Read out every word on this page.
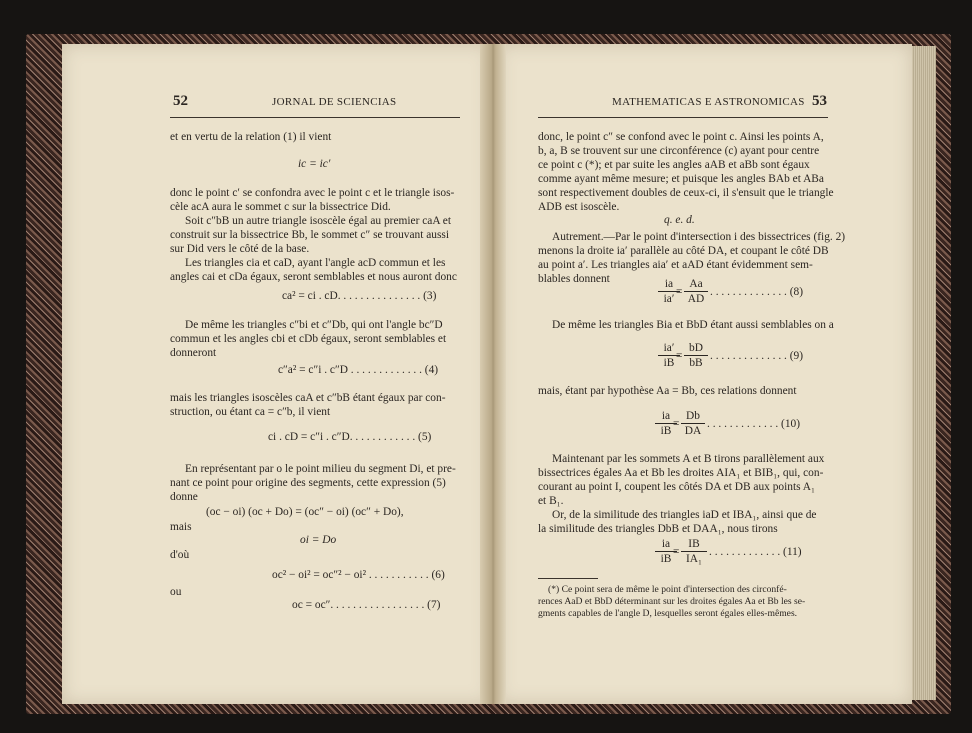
52	JORNAL DE SCIENCIAS
et en vertu de la relation (1) il vient
ic = ic′
donc le point c′ se confondra avec le point c et le triangle isos-
cèle acA aura le sommet c sur la bissectrice Did.
Soit c″bB un autre triangle isoscèle égal au premier caA et
construit sur la bissectrice Bb, le sommet c″ se trouvant aussi
sur Did vers le côté de la base.
Les triangles cia et caD, ayant l'angle acD commun et les
angles cai et cDa égaux, seront semblables et nous auront donc
ca² = ci . cD. . . . . . . . . . . . . . . (3)
De même les triangles c″bi et c″Db, qui ont l'angle bc″D
commun et les angles cbi et cDb égaux, seront semblables et
donneront
c″a² = c″i . c″D . . . . . . . . . . . . . (4)
mais les triangles isoscèles caA et c″bB étant égaux par con-
struction, ou étant ca = c″b, il vient
ci . cD = c″i . c″D. . . . . . . . . . . . (5)
En représentant par o le point milieu du segment Di, et pre-
nant ce point pour origine des segments, cette expression (5)
donne
(oc − oi) (oc + Do) = (oc″ − oi) (oc″ + Do),
mais
oi = Do
d'où
oc² − oi² = oc″² − oi² . . . . . . . . . . . (6)
ou
oc = oc″. . . . . . . . . . . . . . . . . (7)
MATHEMATICAS E ASTRONOMICAS 53
donc, le point c″ se confond avec le point c. Ainsi les points A,
b, a, B se trouvent sur une circonférence (c) ayant pour centre
ce point c (*); et par suite les angles aAB et aBb sont égaux
comme ayant même mesure; et puisque les angles BAb et ABa
sont respectivement doubles de ceux-ci, il s'ensuit que le triangle
ADB est isoscèle.
q. e. d.
Autrement.—Par le point d'intersection i des bissectrices (fig. 2)
menons la droite ia′ parallèle au côté DA, et coupant le côté DB
au point a′. Les triangles aia′ et aAD étant évidemment sem-
blables donnent	ia
ia′
=
Aa
AD
. . . . . . . . . . . . . . (8)
De même les triangles Bia et BbD étant aussi semblables on a
ia′
iB
=
bD
bB
. . . . . . . . . . . . . . (9)
mais, étant par hypothèse Aa = Bb, ces relations donnent
ia
iB
=
Db
DA
. . . . . . . . . . . . . (10)
Maintenant par les sommets A et B tirons parallèlement aux
bissectrices égales Aa et Bb les droites AIA₁ et BIB₁, qui, con-
courant au point I, coupent les côtés DA et DB aux points A₁
et B₁.
Or, de la similitude des triangles iaD et IBA₁, ainsi que de
la similitude des triangles DbB et DAA₁, nous tirons
ia
iB
=
IB
IA₁
. . . . . . . . . . . . . (11)
(*) Ce point sera de même le point d'intersection des circonfé-
rences AaD et BbD déterminant sur les droites égales Aa et Bb les se-
gments capables de l'angle D, lesquelles seront égales elles-mêmes.
